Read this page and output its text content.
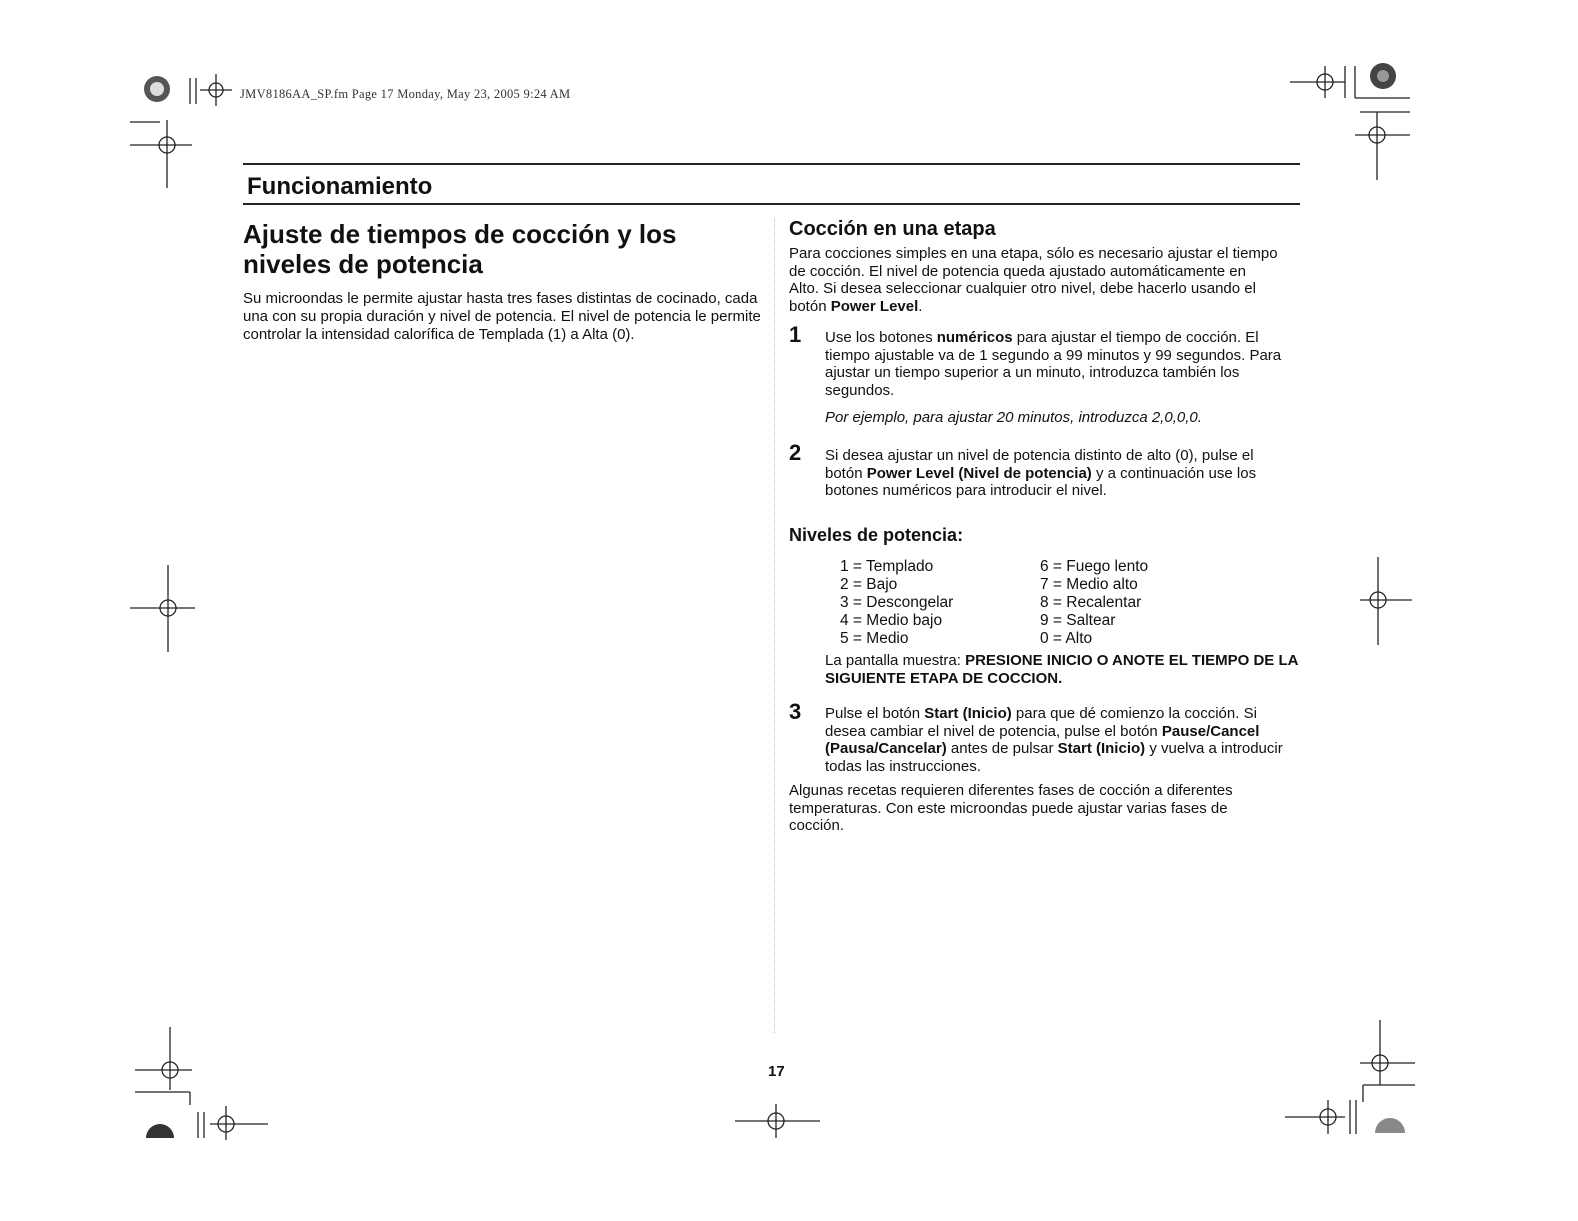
JMV8186AA_SP.fm Page 17 Monday, May 23, 2005 9:24 AM
Funcionamiento
Ajuste de tiempos de cocción y los niveles de potencia

Su microondas le permite ajustar hasta tres fases distintas de cocinado, cada una con su propia duración y nivel de potencia. El nivel de potencia le permite controlar la intensidad calorífica de Templada (1) a Alta (0).

Cocción en una etapa

Para cocciones simples en una etapa, sólo es necesario ajustar el tiempo de cocción. El nivel de potencia queda ajustado automáticamente en Alto. Si desea seleccionar cualquier otro nivel, debe hacerlo usando el botón Power Level.

1 Use los botones numéricos para ajustar el tiempo de cocción. El tiempo ajustable va de 1 segundo a 99 minutos y 99 segundos. Para ajustar un tiempo superior a un minuto, introduzca también los segundos.

Por ejemplo, para ajustar 20 minutos, introduzca 2,0,0,0.

2 Si desea ajustar un nivel de potencia distinto de alto (0), pulse el botón Power Level (Nivel de potencia) y a continuación use los botones numéricos para introducir el nivel.

Niveles de potencia:
1 = Templado
2 = Bajo
3 = Descongelar
4 = Medio bajo
5 = Medio
6 = Fuego lento
7 = Medio alto
8 = Recalentar
9 = Saltear
0 = Alto

La pantalla muestra: PRESIONE INICIO O ANOTE EL TIEMPO DE LA SIGUIENTE ETAPA DE COCCION.

3 Pulse el botón Start (Inicio) para que dé comienzo la cocción. Si desea cambiar el nivel de potencia, pulse el botón Pause/Cancel (Pausa/Cancelar) antes de pulsar Start (Inicio) y vuelva a introducir todas las instrucciones.

Algunas recetas requieren diferentes fases de cocción a diferentes temperaturas. Con este microondas puede ajustar varias fases de cocción.

17
